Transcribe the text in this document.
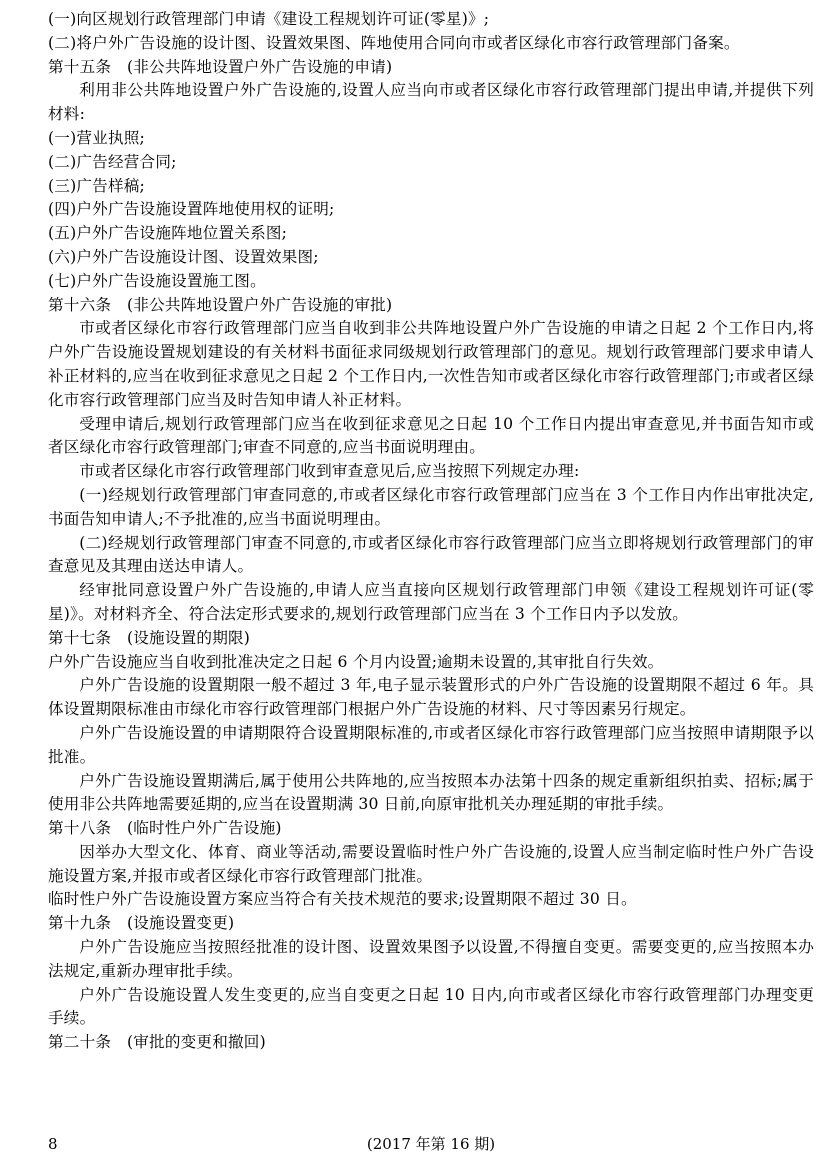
(一)向区规划行政管理部门申请《建设工程规划许可证(零星)》;

(二)将户外广告设施的设计图、设置效果图、阵地使用合同向市或者区绿化市容行政管理部门备案。

第十五条　(非公共阵地设置户外广告设施的申请)

利用非公共阵地设置户外广告设施的,设置人应当向市或者区绿化市容行政管理部门提出申请,并提供下列材料:

(一)营业执照;

(二)广告经营合同;

(三)广告样稿;

(四)户外广告设施设置阵地使用权的证明;

(五)户外广告设施阵地位置关系图;

(六)户外广告设施设计图、设置效果图;

(七)户外广告设施设置施工图。

第十六条　(非公共阵地设置户外广告设施的审批)

市或者区绿化市容行政管理部门应当自收到非公共阵地设置户外广告设施的申请之日起 2 个工作日内,将户外广告设施设置规划建设的有关材料书面征求同级规划行政管理部门的意见。规划行政管理部门要求申请人补正材料的,应当在收到征求意见之日起 2 个工作日内,一次性告知市或者区绿化市容行政管理部门;市或者区绿化市容行政管理部门应当及时告知申请人补正材料。

受理申请后,规划行政管理部门应当在收到征求意见之日起 10 个工作日内提出审查意见,并书面告知市或者区绿化市容行政管理部门;审查不同意的,应当书面说明理由。

市或者区绿化市容行政管理部门收到审查意见后,应当按照下列规定办理:

(一)经规划行政管理部门审查同意的,市或者区绿化市容行政管理部门应当在 3 个工作日内作出审批决定,书面告知申请人;不予批准的,应当书面说明理由。

(二)经规划行政管理部门审查不同意的,市或者区绿化市容行政管理部门应当立即将规划行政管理部门的审查意见及其理由送达申请人。

经审批同意设置户外广告设施的,申请人应当直接向区规划行政管理部门申领《建设工程规划许可证(零星)》。对材料齐全、符合法定形式要求的,规划行政管理部门应当在 3 个工作日内予以发放。

第十七条　(设施设置的期限)

户外广告设施应当自收到批准决定之日起 6 个月内设置;逾期未设置的,其审批自行失效。

户外广告设施的设置期限一般不超过 3 年,电子显示装置形式的户外广告设施的设置期限不超过 6 年。具体设置期限标准由市绿化市容行政管理部门根据户外广告设施的材料、尺寸等因素另行规定。

户外广告设施设置的申请期限符合设置期限标准的,市或者区绿化市容行政管理部门应当按照申请期限予以批准。

户外广告设施设置期满后,属于使用公共阵地的,应当按照本办法第十四条的规定重新组织拍卖、招标;属于使用非公共阵地需要延期的,应当在设置期满 30 日前,向原审批机关办理延期的审批手续。

第十八条　(临时性户外广告设施)

因举办大型文化、体育、商业等活动,需要设置临时性户外广告设施的,设置人应当制定临时性户外广告设施设置方案,并报市或者区绿化市容行政管理部门批准。

临时性户外广告设施设置方案应当符合有关技术规范的要求;设置期限不超过 30 日。

第十九条　(设施设置变更)

户外广告设施应当按照经批准的设计图、设置效果图予以设置,不得擅自变更。需要变更的,应当按照本办法规定,重新办理审批手续。

户外广告设施设置人发生变更的,应当自变更之日起 10 日内,向市或者区绿化市容行政管理部门办理变更手续。

第二十条　(审批的变更和撤回)

8	(2017 年第 16 期)
